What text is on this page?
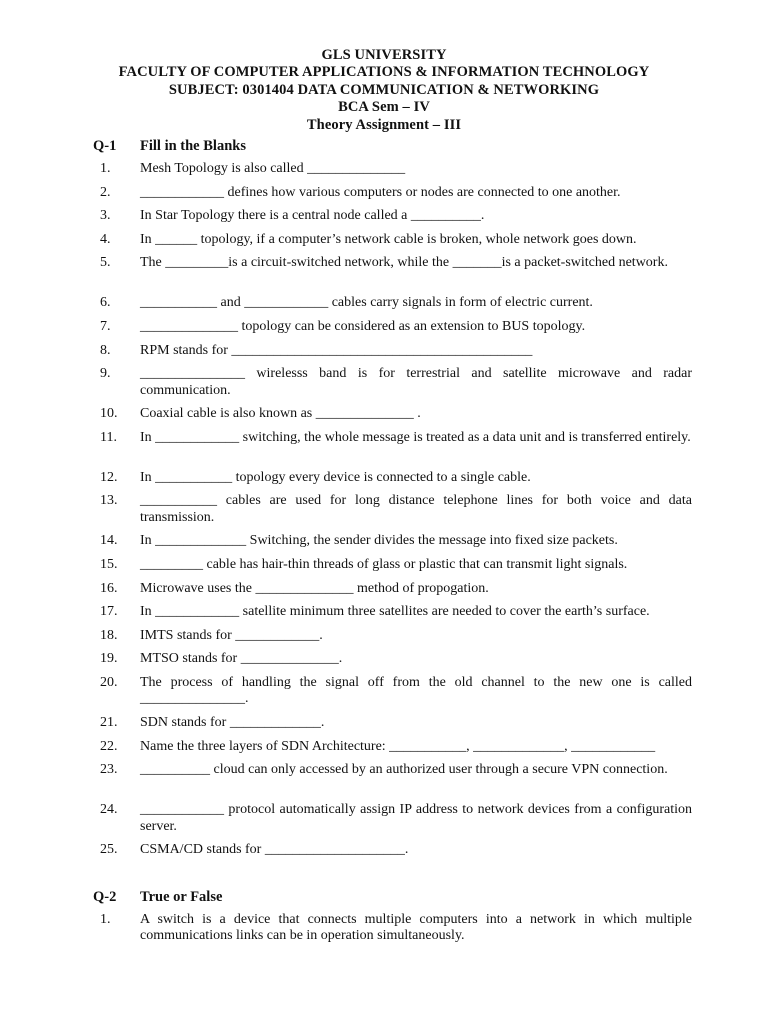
GLS UNIVERSITY
FACULTY OF COMPUTER APPLICATIONS & INFORMATION TECHNOLOGY
SUBJECT: 0301404 DATA COMMUNICATION & NETWORKING
BCA Sem – IV
Theory Assignment – III
Q-1	Fill in the Blanks
1.	Mesh Topology is also called ______________
2.	____________ defines how various computers or nodes are connected to one another.
3.	In Star Topology there is a central node called a __________.
4.	In ______ topology, if a computer’s network cable is broken, whole network goes down.
5.	The _________is a circuit-switched network, while the _______is a packet-switched network.
6.	___________ and ____________ cables carry signals in form of electric current.
7.	______________ topology can be considered as an extension to BUS topology.
8.	RPM stands for ___________________________________________
9.	_______________ wirelesss band is for terrestrial and satellite microwave and radar communication.
10.	Coaxial cable is also known as ______________ .
11.	In ____________ switching, the whole message is treated as a data unit and is transferred entirely.
12.	In ___________ topology every device is connected to a single cable.
13.	___________ cables are used for long distance telephone lines for both voice and data transmission.
14.	In _____________ Switching, the sender divides the message into fixed size packets.
15.	_________ cable has hair-thin threads of glass or plastic that can transmit light signals.
16.	Microwave uses the ______________ method of propogation.
17.	In ____________ satellite minimum three satellites are needed to cover the earth’s surface.
18.	IMTS stands for ____________.
19.	MTSO stands for ______________.
20.	The process of handling the signal off from the old channel to the new one is called _______________.
21.	SDN stands for _____________.
22.	Name the three layers of SDN Architecture: ___________, _____________, ____________
23.	__________ cloud can only accessed by an authorized user through a secure VPN connection.
24.	____________ protocol automatically assign IP address to network devices from a configuration server.
25.	CSMA/CD stands for ____________________.
Q-2	True or False
1.	A switch is a device that connects multiple computers into a network in which multiple communications links can be in operation simultaneously.
